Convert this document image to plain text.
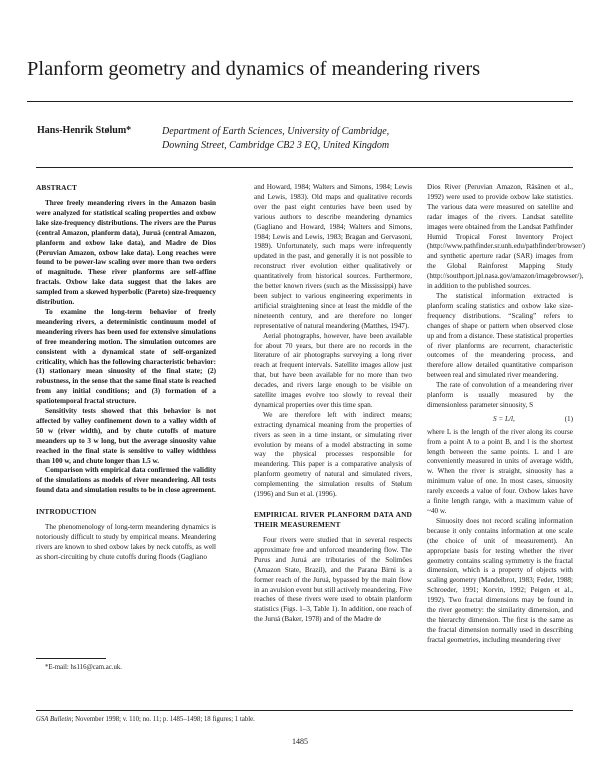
Planform geometry and dynamics of meandering rivers
Hans-Henrik Stølum*	Department of Earth Sciences, University of Cambridge,
Downing Street, Cambridge CB2 3 EQ, United Kingdom
ABSTRACT

Three freely meandering rivers in the Amazon basin were analyzed for statistical scaling properties and oxbow lake size-frequency distributions. The rivers are the Purus (central Amazon, planform data), Juruá (central Amazon, planform and oxbow lake data), and Madre de Dios (Peruvian Amazon, oxbow lake data). Long reaches were found to be power-law scaling over more than two orders of magnitude. These river planforms are self-affine fractals. Oxbow lake data suggest that the lakes are sampled from a skewed hyperbolic (Pareto) size-frequency distribution.

To examine the long-term behavior of freely meandering rivers, a deterministic continuum model of meandering rivers has been used for extensive simulations of free meandering motion. The simulation outcomes are consistent with a dynamical state of self-organized criticality, which has the following characteristic behavior: (1) stationary mean sinuosity of the final state; (2) robustness, in the sense that the same final state is reached from any initial conditions; and (3) formation of a spatiotemporal fractal structure.

Sensitivity tests showed that this behavior is not affected by valley confinement down to a valley width of 50 w (river width), and by chute cutoffs of mature meanders up to 3 w long, but the average sinuosity value reached in the final state is sensitive to valley widthless than 100 w, and chute longer than 1.5 w.

Comparison with empirical data confirmed the validity of the simulations as models of river meandering. All tests found data and simulation results to be in close agreement.

INTRODUCTION

The phenomenology of long-term meandering dynamics is notoriously difficult to study by empirical means. Meandering rivers are known to shed oxbow lakes by neck cutoffs, as well as short-circuiting by chute cutoffs during floods (Gagliano

*E-mail: hs116@cam.ac.uk.
GSA Bulletin; November 1998; v. 110; no. 11; p. 1485–1498; 18 figures; 1 table.

and Howard, 1984; Walters and Simons, 1984; Lewis and Lewis, 1983). Old maps and qualitative records over the past eight centuries have been used by various authors to describe meandering dynamics (Gagliano and Howard, 1984; Walters and Simons, 1984; Lewis and Lewis, 1983; Bragan and Gervasoni, 1989). Unfortunately, such maps were infrequently updated in the past, and generally it is not possible to reconstruct river evolution either qualitatively or quantitatively from historical sources. Furthermore, the better known rivers (such as the Mississippi) have been subject to various engineering experiments in artificial straightening since at least the middle of the nineteenth century, and are therefore no longer representative of natural meandering (Matthes, 1947).

Aerial photographs, however, have been available for about 70 years, but there are no records in the literature of air photographs surveying a long river reach at frequent intervals. Satellite images allow just that, but have been available for no more than two decades, and rivers large enough to be visible on satellite images evolve too slowly to reveal their dynamical properties over this time span.

We are therefore left with indirect means; extracting dynamical meaning from the properties of rivers as seen in a time instant, or simulating river evolution by means of a model abstracting in some way the physical processes responsible for meandering. This paper is a comparative analysis of planform geometry of natural and simulated rivers, complementing the simulation results of Stølum (1996) and Sun et al. (1996).

EMPIRICAL RIVER PLANFORM DATA AND THEIR MEASUREMENT

Four rivers were studied that in several respects approximate free and unforced meandering flow. The Purus and Juruá are tributaries of the Solimões (Amazon State, Brazil), and the Parana Birni is a former reach of the Juruá, bypassed by the main flow in an avulsion event but still actively meandering. Five reaches of these rivers were used to obtain planform statistics (Figs. 1–3, Table 1). In addition, one reach of the Juruá (Baker, 1978) and of the Madre de

Dios River (Peruvian Amazon, Räsänen et al., 1992) were used to provide oxbow lake statistics. The various data were measured on satellite and radar images of the rivers. Landsat satellite images were obtained from the Landsat Pathfinder Humid Tropical Forest Inventory Project (http://www.pathfinder.sr.unh.edu/pathfinder/browser/) and synthetic aperture radar (SAR) images from the Global Rainforest Mapping Study (http://southport.jpl.nasa.gov/amazon/imagebrowser/), in addition to the published sources.

The statistical information extracted is planform scaling statistics and oxbow lake size-frequency distributions. “Scaling” refers to changes of shape or pattern when observed close up and from a distance. These statistical properties of river planforms are recurrent, characteristic outcomes of the meandering process, and therefore allow detailed quantitative comparison between real and simulated river meandering.

The rate of convolution of a meandering river planform is usually measured by the dimensionless parameter sinuosity, S

S = L/l,	(1)

where L is the length of the river along its course from a point A to a point B, and l is the shortest length between the same points. L and l are conveniently measured in units of average width, w. When the river is straight, sinuosity has a minimum value of one. In most cases, sinuosity rarely exceeds a value of four. Oxbow lakes have a finite length range, with a maximum value of ~40 w.

Sinuosity does not record scaling information because it only contains information at one scale (the choice of unit of measurement). An appropriate basis for testing whether the river geometry contains scaling symmetry is the fractal dimension, which is a property of objects with scaling geometry (Mandelbrot, 1983; Feder, 1988; Schroeder, 1991; Korvin, 1992; Peigen et al., 1992). Two fractal dimensions may be found in the river geometry: the similarity dimension, and the hierarchy dimension. The first is the same as the fractal dimension normally used in describing fractal geometries, including meandering river

1485
